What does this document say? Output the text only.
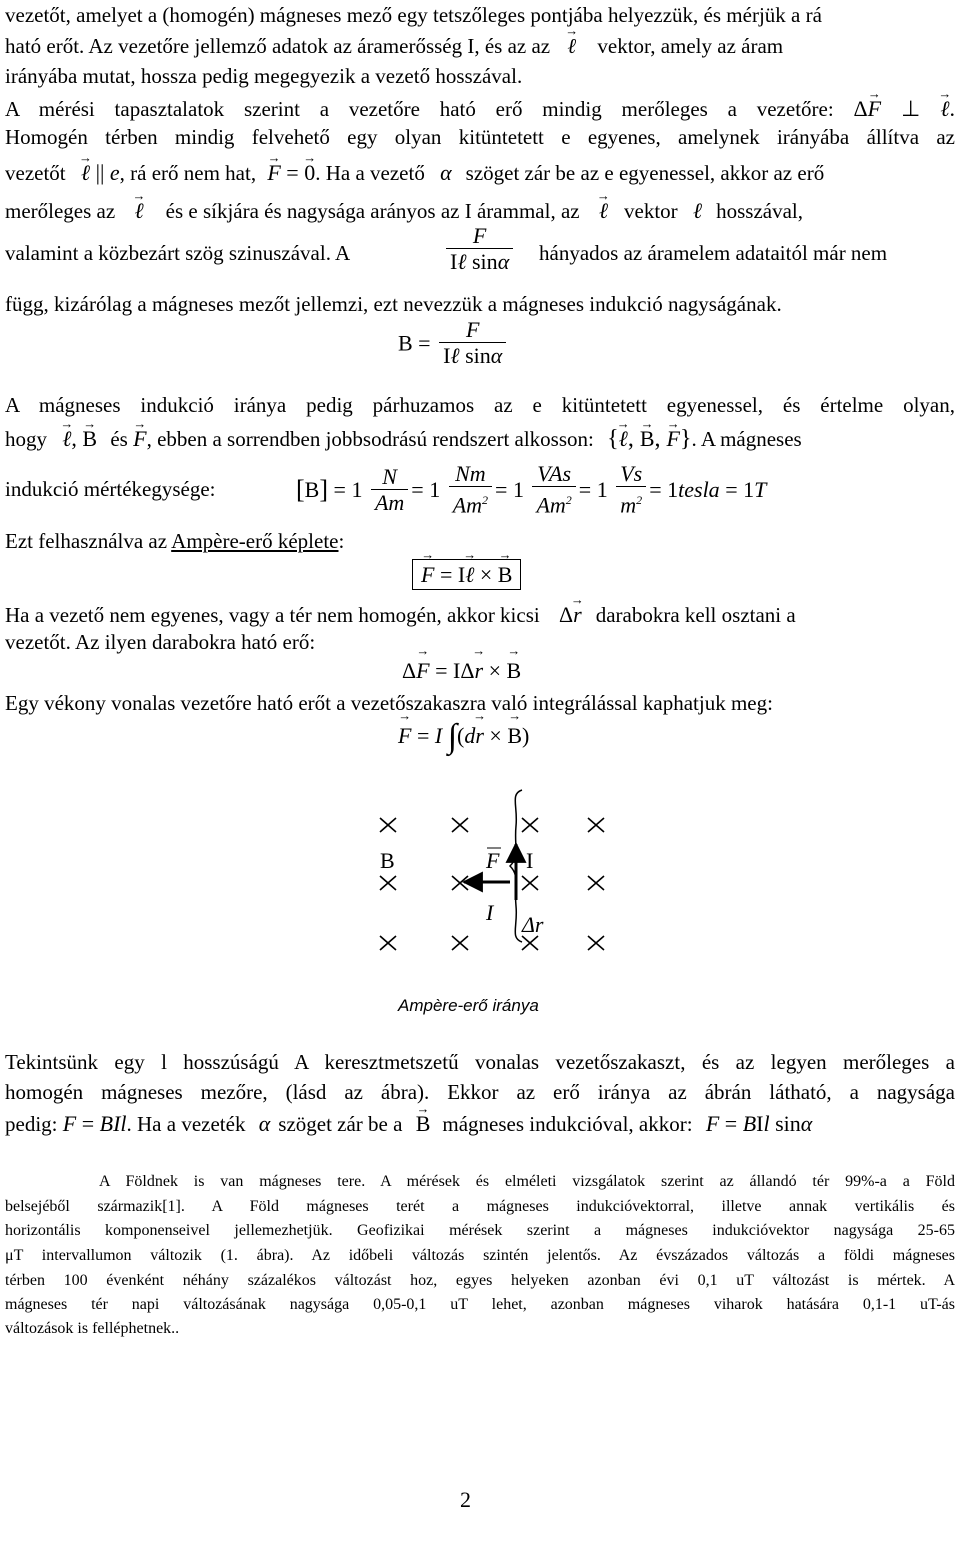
vezetőt, amelyet a (homogén) mágneses mező egy tetszőleges pontjába helyezzük, és mérjük a rá
ható erőt. Az vezetőre jellemző adatok az áramerősség I, és az az → ℓ vektor, amely az áram
irányába mutat, hossza pedig megegyezik a vezető hosszával.
A mérési tapasztalatok szerint a vezetőre ható erő mindig merőleges a vezetőre: Δ→ F ⊥ → ℓ.
Homogén térben mindig felvehető egy olyan kitüntetett e egyenes, amelynek irányába állítva az
vezetőt → ℓ || e, rá erő nem hat, → F = → 0. Ha a vezető α szöget zár be az e egyenessel, akkor az erő
merőleges az → ℓ és e síkjára és nagysága arányos az I árammal, az → ℓ vektor ℓ hosszával,
valamint a közbezárt szög szinuszával. A	$\frac{F}{\text{Iℓ sinα}}$ hányados az áramelem adataitól már nem
függ, kizárólag a mágneses mezőt jellemzi, ezt nevezzük a mágneses indukció nagyságának.
$B = \frac{F}{\text{Iℓ sinα}}$
A mágneses indukció iránya pedig párhuzamos az e kitüntetett egyenessel, és értelme olyan,
hogy → ℓ, → B és → F, ebben a sorrendben jobbsodrású rendszert alkosson: {→ ℓ, → B, → F}. A mágneses
indukció mértékegysége:	$[B] = 1 \frac{N}{Am} = 1 \frac{Nm}{Am^2} = 1 \frac{\text{VAs}}{Am^2} = 1 \frac{Vs}{m^2}$ = 1tesla = 1T
Ezt felhasználva az Ampère-erő képlete:
→ F = I→ ℓ × → B
Ha a vezető nem egyenes, vagy a tér nem homogén, akkor kicsi Δ→ r darabokra kell osztani a
vezetőt. Az ilyen darabokra ható erő:
Δ→ F = IΔ→ r × → B
Egy vékony vonalas vezetőre ható erőt a vezetőszakaszra való integrálással kaphatjuk meg:
→ F = I ∫(d→ r × → B)
B	F I
I Δr
Ampère-erő iránya
Tekintsünk egy l hosszúságú A keresztmetszetű vonalas vezetőszakaszt, és az legyen merőleges a
homogén mágneses mezőre, (lásd az ábra). Ekkor az erő iránya az ábrán látható, a nagysága
pedig: F = BIl. Ha a vezeték α szöget zár be a → B mágneses indukcióval, akkor: F = BIl sinα
A Földnek is van mágneses tere. A mérések és elméleti vizsgálatok szerint az állandó tér 99%-a a Föld
belsejéből származik[1]. A Föld mágneses terét a mágneses indukcióvektorral, illetve annak vertikális és
horizontális komponenseivel jellemezhetjük. Geofizikai mérések szerint a mágneses indukcióvektor nagysága 25-65
μT intervallumon változik (1. ábra). Az időbeli változás szintén jelentős. Az évszázados változás a földi mágneses
térben 100 évenként néhány százalékos változást hoz, egyes helyeken azonban évi 0,1 uT változást is mértek. A
mágneses tér napi változásának nagysága 0,05-0,1 uT lehet, azonban mágneses viharok hatására 0,1-1 uT-ás
változások is felléphetnek..
2
